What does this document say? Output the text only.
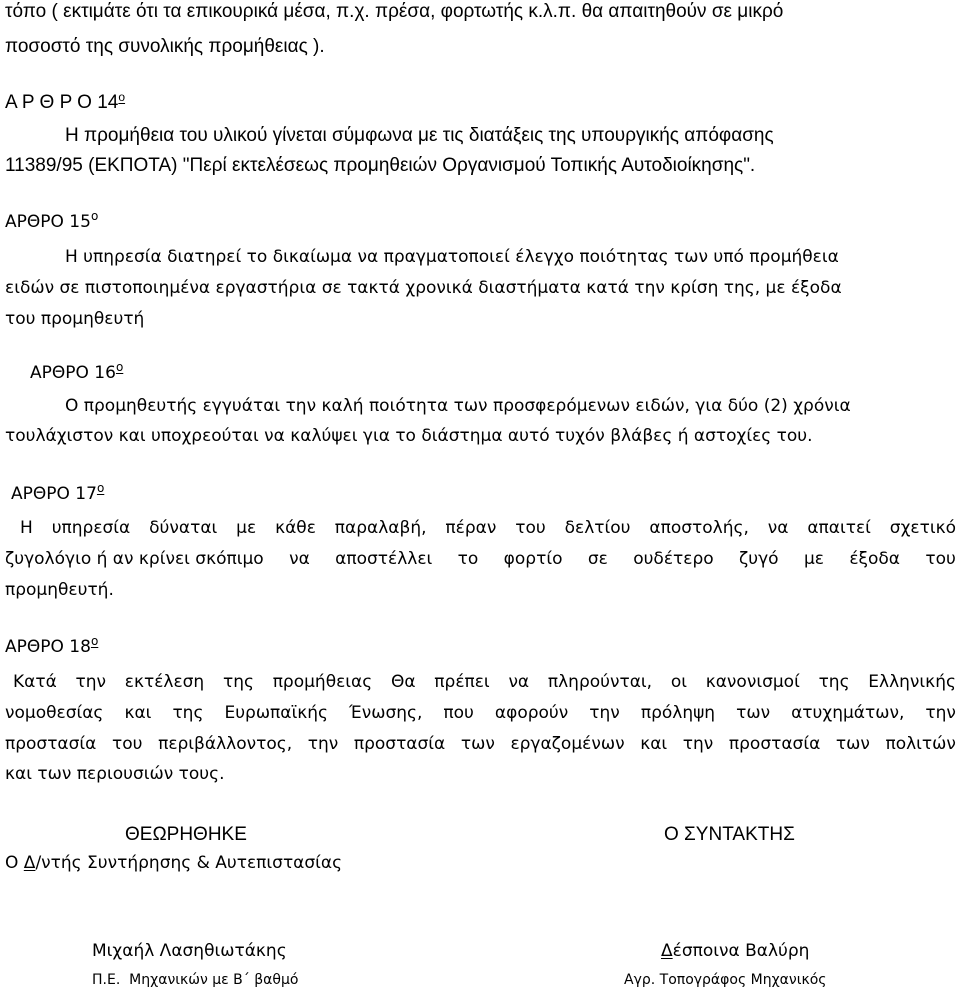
τόπο ( εκτιμάτε ότι τα επικουρικά μέσα, π.χ. πρέσα, φορτωτής κ.λ.π. θα απαιτηθούν σε μικρό
ποσοστό της συνολικής προμήθειας ).
Α Ρ Θ Ρ Ο $14^o$
Η προμήθεια του υλικού γίνεται σύμφωνα με τις διατάξεις της υπουργικής απόφασης
11389/95 (ΕΚΠΟΤΑ) "Περί εκτελέσεως προμηθειών Οργανισμού Τοπικής Αυτοδιοίκησης".
ΑΡΘΡΟ $15^o$
Η υπηρεσία διατηρεί το δικαίωμα να πραγματοποιεί έλεγχο ποιότητας των υπό προμήθεια
ειδών σε πιστοποιημένα εργαστήρια σε τακτά χρονικά διαστήματα κατά την κρίση της, με έξοδα
του προμηθευτή
ΑΡΘΡΟ $16^o$
Ο προμηθευτής εγγυάται την καλή ποιότητα των προσφερόμενων ειδών, για δύο (2) χρόνια
τουλάχιστον και υποχρεούται να καλύψει για το διάστημα αυτό τυχόν βλάβες ή αστοχίες του.
ΑΡΘΡΟ $17^o$
Η υπηρεσία δύναται με κάθε παραλαβή, πέραν του δελτίου αποστολής, να απαιτεί σχετικό
ζυγολόγιο ή αν κρίνει σκόπιμο να αποστέλλει το φορτίο σε ουδέτερο ζυγό με έξοδα του
προμηθευτή.
ΑΡΘΡΟ $18^o$
Κατά την εκτέλεση της προμήθειας Θα πρέπει να πληρούνται, οι κανονισμοί της Ελληνικής
νομοθεσίας και της Ευρωπαϊκής Ένωσης, που αφορούν την πρόληψη των ατυχημάτων, την
προστασία του περιβάλλοντος, την προστασία των εργαζομένων και την προστασία των πολιτών
και των περιουσιών τους.
ΘΕΩΡΗΘΗΚΕ	Ο ΣΥΝΤΑΚΤΗΣ
Ο Δ/ντής Συντήρησης & Αυτεπιστασίας
Μιχαήλ Λασηθιωτάκης	Δέσποινα Βαλύρη
Π.Ε.  Μηχανικών με Β΄ βαθμό	Αγρ. Τοπογράφος Μηχανικός
